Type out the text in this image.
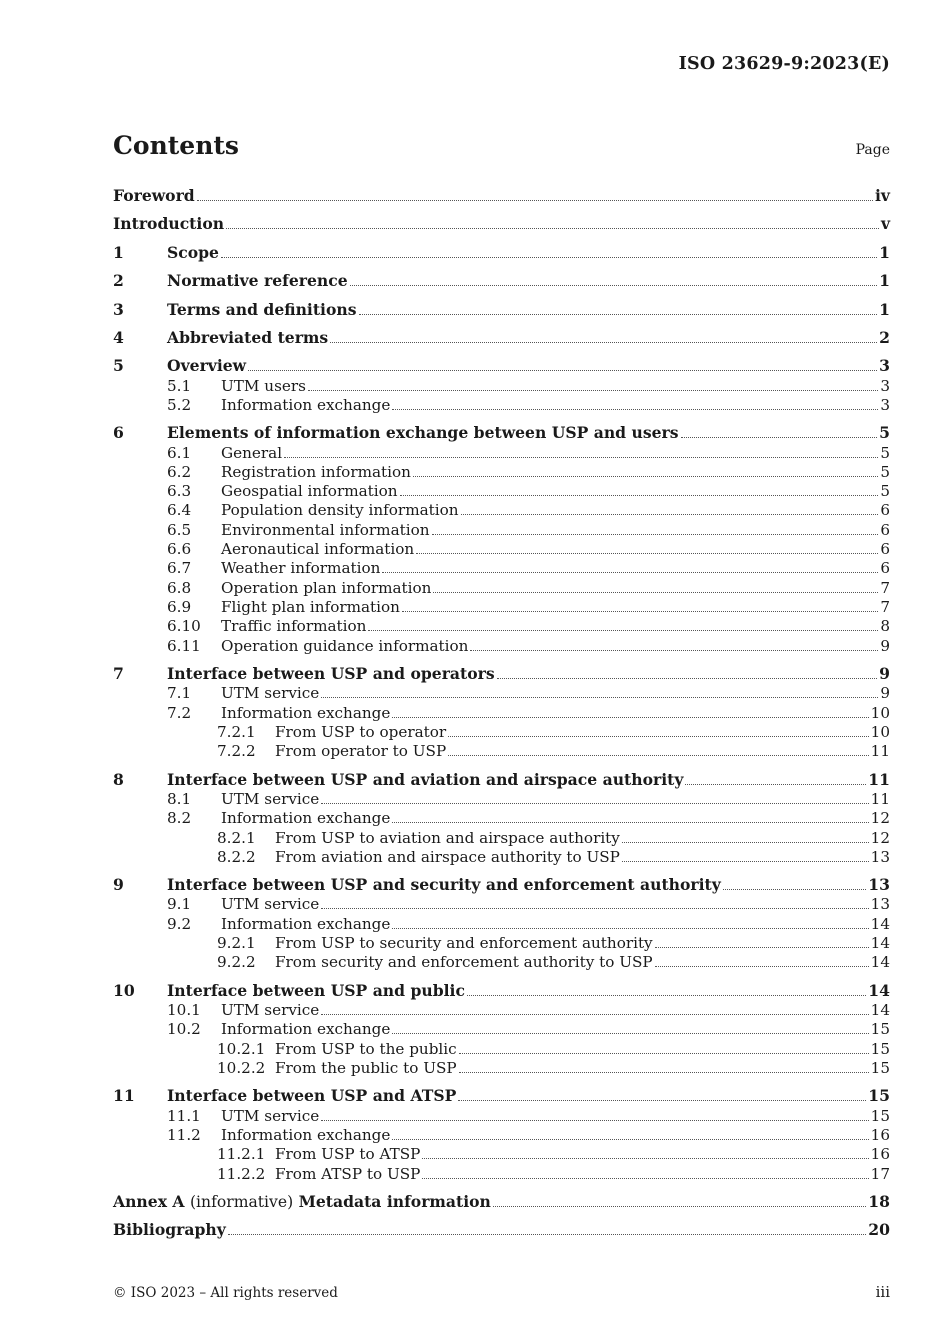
ISO 23629-9:2023(E)
Contents	Page
Foreword	iv
Introduction	v
1	Scope	1
2	Normative reference	1
3	Terms and definitions	1
4	Abbreviated terms	2
5	Overview	3
5.1	UTM users	3
5.2	Information exchange	3
6	Elements of information exchange between USP and users	5
6.1	General	5
6.2	Registration information	5
6.3	Geospatial information	5
6.4	Population density information	6
6.5	Environmental information	6
6.6	Aeronautical information	6
6.7	Weather information	6
6.8	Operation plan information	7
6.9	Flight plan information	7
6.10	Traffic information	8
6.11	Operation guidance information	9
7	Interface between USP and operators	9
7.1	UTM service	9
7.2	Information exchange	10
7.2.1	From USP to operator	10
7.2.2	From operator to USP	11
8	Interface between USP and aviation and airspace authority	11
8.1	UTM service	11
8.2	Information exchange	12
8.2.1	From USP to aviation and airspace authority	12
8.2.2	From aviation and airspace authority to USP	13
9	Interface between USP and security and enforcement authority	13
9.1	UTM service	13
9.2	Information exchange	14
9.2.1	From USP to security and enforcement authority	14
9.2.2	From security and enforcement authority to USP	14
10	Interface between USP and public	14
10.1	UTM service	14
10.2	Information exchange	15
10.2.1 From USP to the public	15
10.2.2 From the public to USP	15
11	Interface between USP and ATSP	15
11.1	UTM service	15
11.2	Information exchange	16
11.2.1 From USP to ATSP	16
11.2.2 From ATSP to USP	17
Annex A (informative) Metadata information	18
Bibliography	20
© ISO 2023 – All rights reserved	iii
